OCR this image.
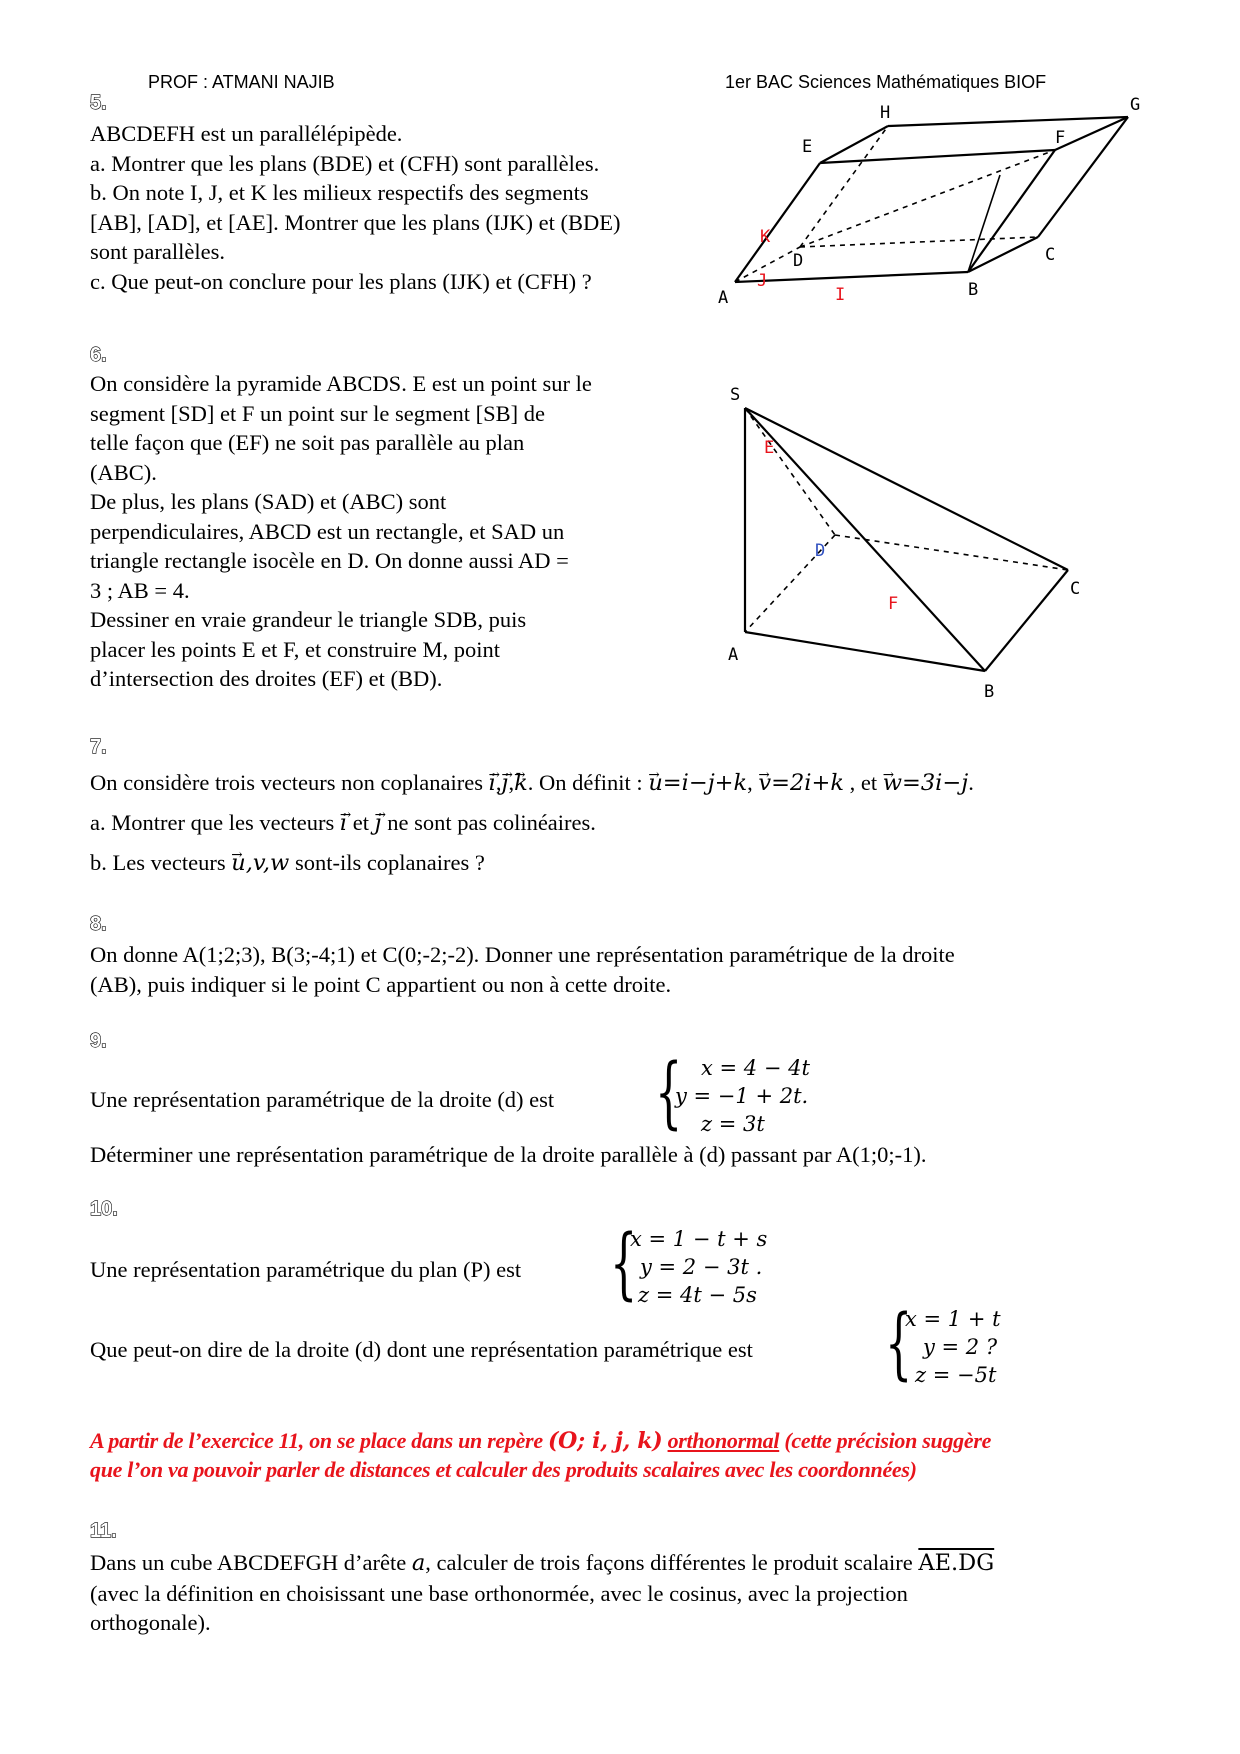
PROF : ATMANI NAJIB	1er BAC Sciences Mathématiques BIOF
5.
ABCDEFH est un parallélépipède.
a. Montrer que les plans (BDE) et (CFH) sont parallèles.
b. On note I, J, et K les milieux respectifs des segments
[AB], [AD], et [AE]. Montrer que les plans (IJK) et (BDE)
sont parallèles.
c. Que peut-on conclure pour les plans (IJK) et (CFH) ?
H	G
E	F
K
D	C
J
A	I	B
6.
On considère la pyramide ABCDS. E est un point sur le
segment [SD] et F un point sur le segment [SB] de
telle façon que (EF) ne soit pas parallèle au plan
(ABC).
De plus, les plans (SAD) et (ABC) sont
perpendiculaires, ABCD est un rectangle, et SAD un
triangle rectangle isocèle en D. On donne aussi AD =
3 ; AB = 4.
Dessiner en vraie grandeur le triangle SDB, puis
placer les points E et F, et construire M, point
d’intersection des droites (EF) et (BD).
S
E
D
C
F
A
B
7.
On considère trois vecteurs non coplanaires → i,→ j,→ k. On définit : → u=i−j+k, → v=2i+k , et → w=3i−j.
a. Montrer que les vecteurs → i et → j ne sont pas colinéaires.
b. Les vecteurs → u,v,w sont-ils coplanaires ?
8.
On donne A(1;2;3), B(3;-4;1) et C(0;-2;-2). Donner une représentation paramétrique de la droite
(AB), puis indiquer si le point C appartient ou non à cette droite.
9.
Une représentation paramétrique de la droite (d) est { x = 4 − 4t
y = −1 + 2t.
z = 3t
Déterminer une représentation paramétrique de la droite parallèle à (d) passant par A(1;0;-1).
10.
Une représentation paramétrique du plan (P) est {
x = 1 − t + s
y = 2 − 3t .
z = 4t − 5s
Que peut-on dire de la droite (d) dont une représentation paramétrique est {
x = 1 + t
y = 2 ?
z = −5t
A partir de l’exercice 11, on se place dans un repère (O; i, j, k) orthonormal (cette précision suggère
que l’on va pouvoir parler de distances et calculer des produits scalaires avec les coordonnées)
11.
Dans un cube ABCDEFGH d’arête a, calculer de trois façons différentes le produit scalaire AE.DG
(avec la définition en choisissant une base orthonormée, avec le cosinus, avec la projection
orthogonale).
